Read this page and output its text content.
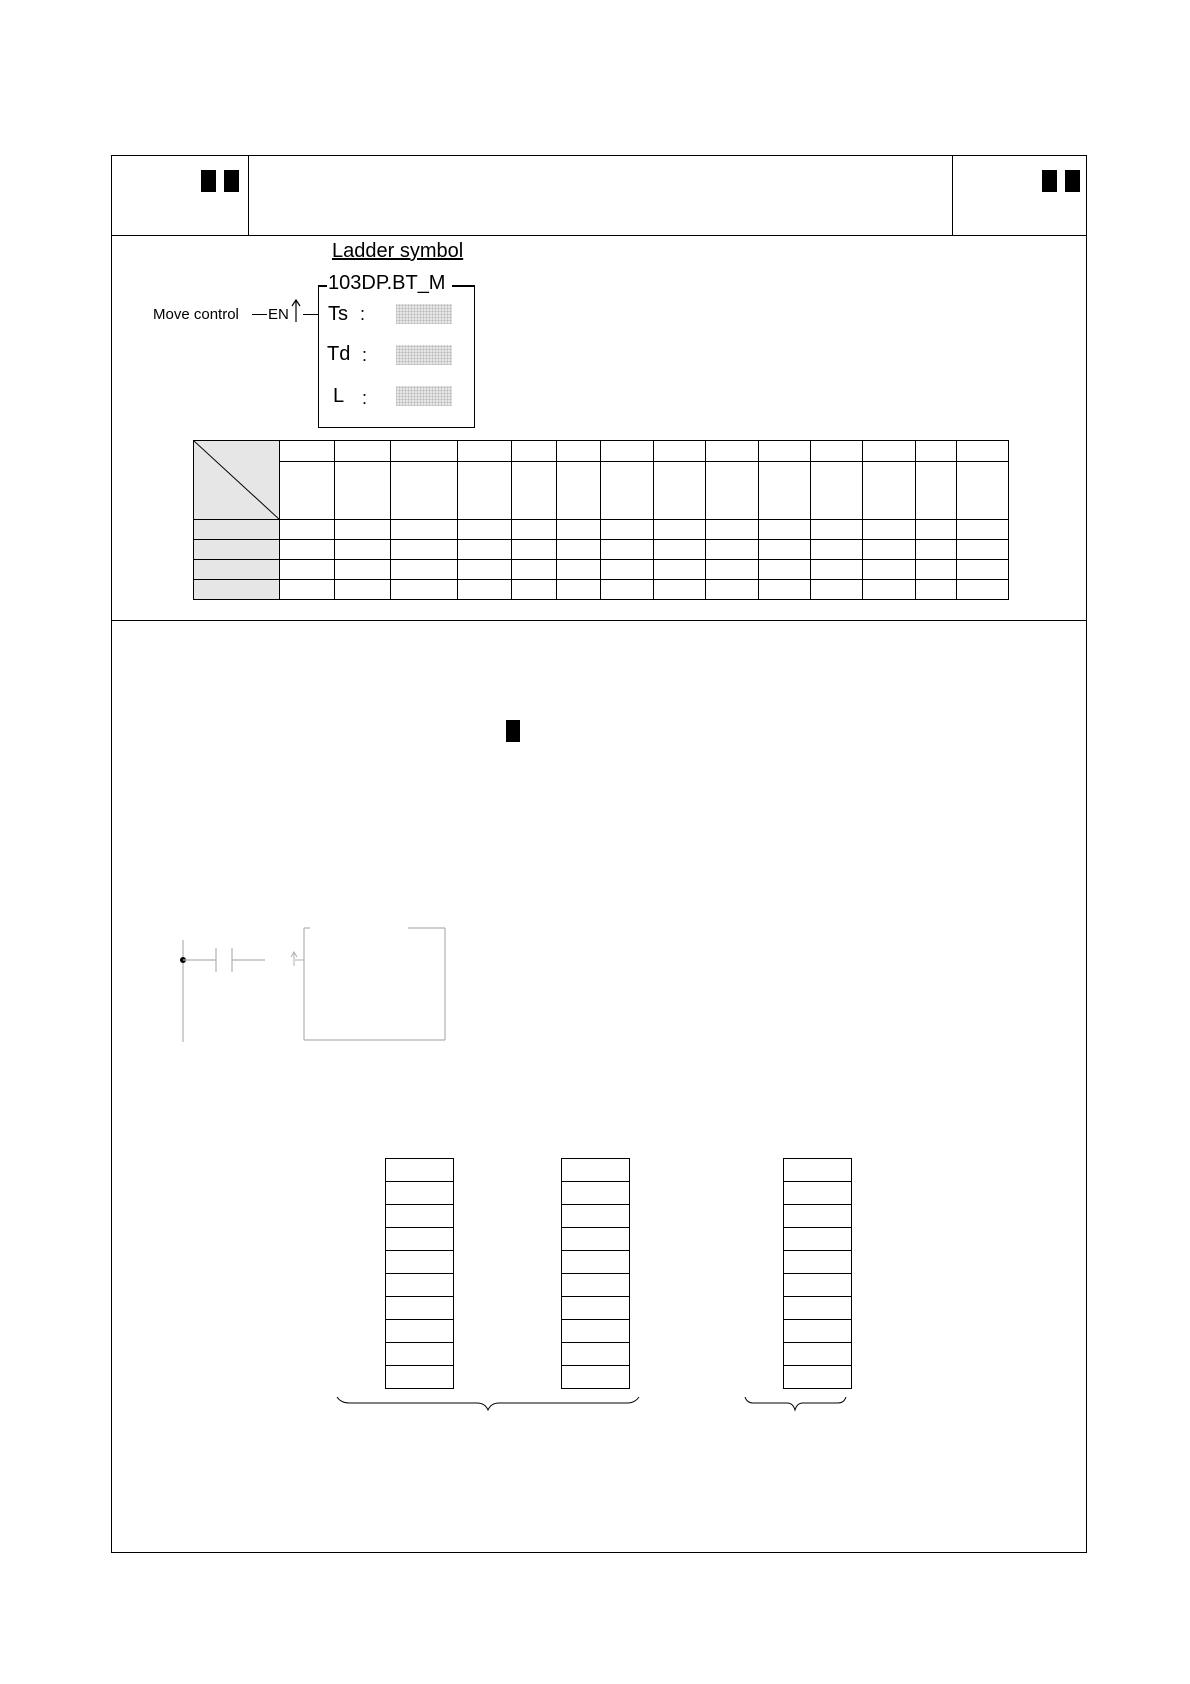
Ladder symbol
103DP.BT_M
Ts :
Td :
L :
Move control EN
